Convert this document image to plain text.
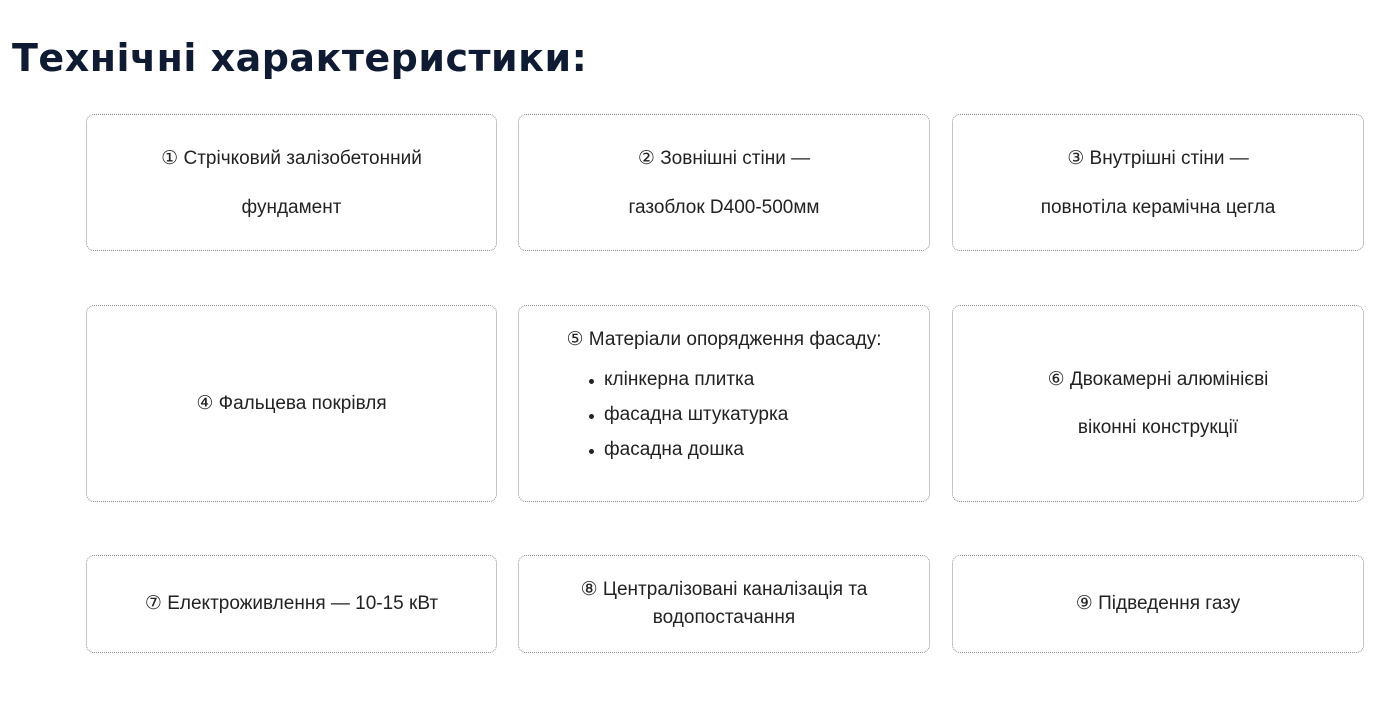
Технічні характеристики:
① Стрічковий залізобетонний
фундамент
② Зовнішні стіни —
газоблок D400-500мм
③ Внутрішні стіни —
повнотіла керамічна цегла
④ Фальцева покрівля
⑤ Матеріали опорядження фасаду:
клінкерна плитка
фасадна штукатурка
фасадна дошка
⑥ Двокамерні алюмінієві
віконні конструкції
⑦ Електроживлення — 10-15 кВт
⑧ Централізовані каналізація та
водопостачання
⑨ Підведення газу
